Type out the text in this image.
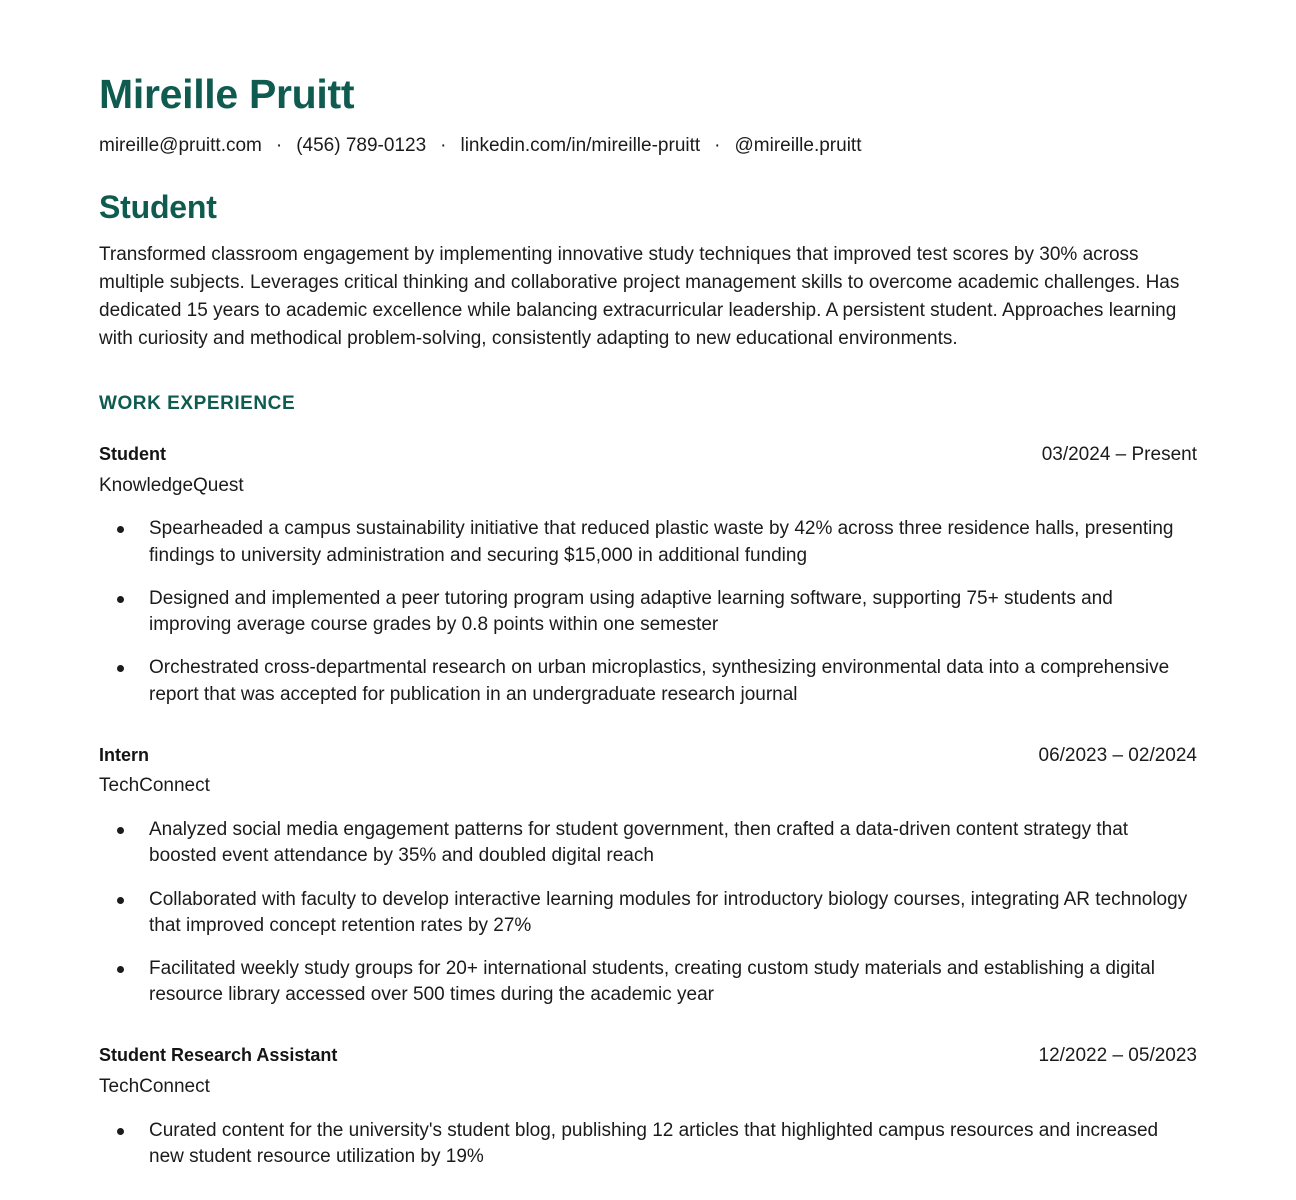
Mireille Pruitt
mireille@pruitt.com · (456) 789-0123 · linkedin.com/in/mireille-pruitt · @mireille.pruitt
Student

Transformed classroom engagement by implementing innovative study techniques that improved test scores by 30% across multiple subjects. Leverages critical thinking and collaborative project management skills to overcome academic challenges. Has dedicated 15 years to academic excellence while balancing extracurricular leadership. A persistent student. Approaches learning with curiosity and methodical problem-solving, consistently adapting to new educational environments.

WORK EXPERIENCE
Student	03/2024 – Present
KnowledgeQuest
Spearheaded a campus sustainability initiative that reduced plastic waste by 42% across three residence halls, presenting findings to university administration and securing $15,000 in additional funding
Designed and implemented a peer tutoring program using adaptive learning software, supporting 75+ students and improving average course grades by 0.8 points within one semester
Orchestrated cross-departmental research on urban microplastics, synthesizing environmental data into a comprehensive report that was accepted for publication in an undergraduate research journal
Intern	06/2023 – 02/2024
TechConnect
Analyzed social media engagement patterns for student government, then crafted a data-driven content strategy that boosted event attendance by 35% and doubled digital reach
Collaborated with faculty to develop interactive learning modules for introductory biology courses, integrating AR technology that improved concept retention rates by 27%
Facilitated weekly study groups for 20+ international students, creating custom study materials and establishing a digital resource library accessed over 500 times during the academic year
Student Research Assistant	12/2022 – 05/2023
TechConnect
Curated content for the university's student blog, publishing 12 articles that highlighted campus resources and increased new student resource utilization by 19%
